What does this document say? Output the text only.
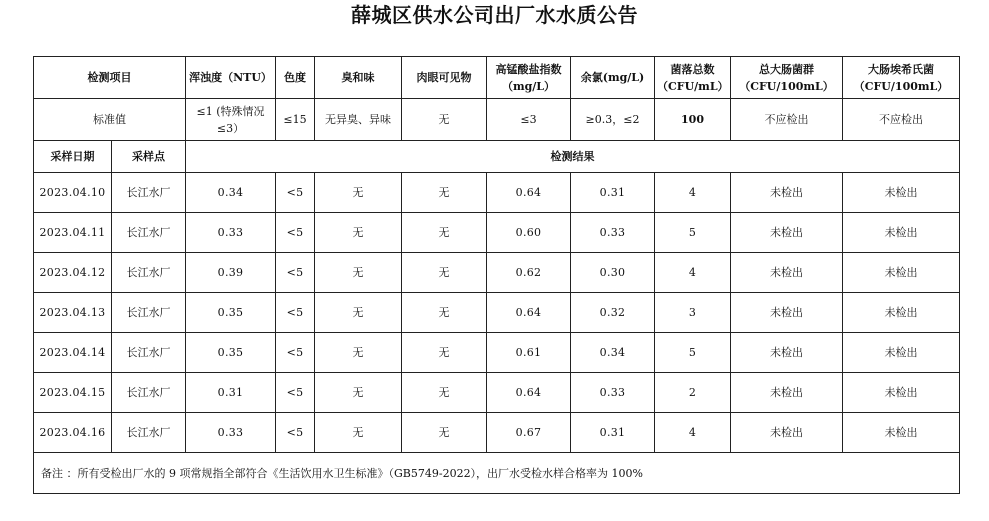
薛城区供水公司出厂水水质公告
检测项目		浑浊度（NTU）	色度	臭和味	肉眼可见物	高锰酸盐指数（mg/L）	余氯(mg/L)	菌落总数（CFU/mL）	总大肠菌群 （CFU/100mL）	大肠埃希氏菌 （CFU/100mL）
标准值		≤1 (特殊情况≤3）	≤15	无异臭、异味	无	≤3	≥0.3，≤2	100	不应检出	不应检出
采样日期	采样点	检测结果								
2023.04.10	长江水厂	0.34	<5	无	无	0.64	0.31	4	未检出	未检出
2023.04.11	长江水厂	0.33	<5	无	无	0.60	0.33	5	未检出	未检出
2023.04.12	长江水厂	0.39	<5	无	无	0.62	0.30	4	未检出	未检出
2023.04.13	长江水厂	0.35	<5	无	无	0.64	0.32	3	未检出	未检出
2023.04.14	长江水厂	0.35	<5	无	无	0.61	0.34	5	未检出	未检出
2023.04.15	长江水厂	0.31	<5	无	无	0.64	0.33	2	未检出	未检出
2023.04.16	长江水厂	0.33	<5	无	无	0.67	0.31	4	未检出	未检出
备注 ：所有受检出厂水的 9 项常规指全部符合《生活饮用水卫生标准》（GB5749-2022），出厂水受检水样合格率为 100%										
